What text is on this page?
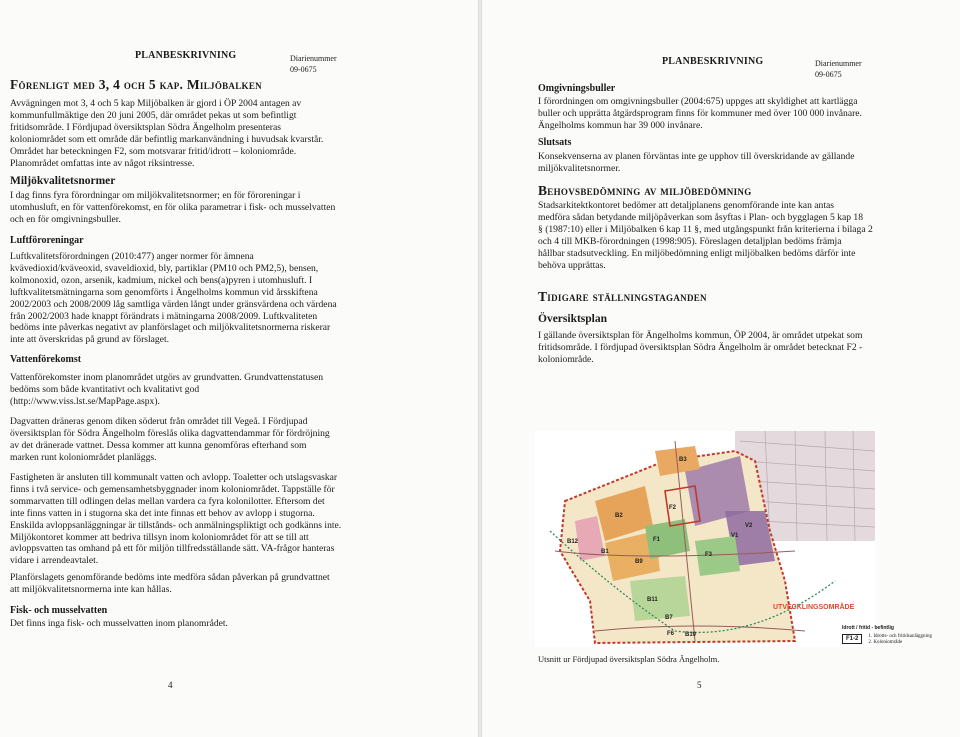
PLANBESKRIVNING	Diarienummer
09-0675
Förenligt med 3, 4 och 5 kap. Miljöbalken

Avvägningen mot 3, 4 och 5 kap Miljöbalken är gjord i ÖP 2004 antagen av

kommunfullmäktige den 20 juni 2005, där området pekas ut som befintligt

fritidsområde. I Fördjupad översiktsplan Södra Ängelholm presenteras

koloniområdet som ett område där befintlig markanvändning i huvudsak kvarstår.

Området har beteckningen F2, som motsvarar fritid/idrott – koloniområde.

Planområdet omfattas inte av något riksintresse.

Miljökvalitetsnormer

I dag finns fyra förordningar om miljökvalitetsnormer; en för föroreningar i

utomhusluft, en för vattenförekomst, en för olika parametrar i fisk- och musselvatten

och en för omgivningsbuller.

Luftföroreningar

Luftkvalitetsförordningen (2010:477) anger normer för ämnena

kvävedioxid/kväveoxid, svaveldioxid, bly, partiklar (PM10 och PM2,5), bensen,

kolmonoxid, ozon, arsenik, kadmium, nickel och bens(a)pyren i utomhusluft. I

luftkvalitetsmätningarna som genomförts i Ängelholms kommun vid årsskiftena

2002/2003 och 2008/2009 låg samtliga värden långt under gränsvärdena och värdena

från 2002/2003 hade knappt förändrats i mätningarna 2008/2009. Luftkvaliteten

bedöms inte påverkas negativt av planförslaget och miljökvalitetsnormerna riskerar

inte att överskridas på grund av förslaget.

Vattenförekomst

Vattenförekomster inom planområdet utgörs av grundvatten. Grundvattenstatusen

bedöms som både kvantitativt och kvalitativt god

(http://www.viss.lst.se/MapPage.aspx).

Dagvatten dräneras genom diken söderut från området till Vegeå. I Fördjupad

översiktsplan för Södra Ängelholm föreslås olika dagvattendammar för fördröjning

av det dränerade vattnet. Dessa kommer att kunna genomföras efterhand som

marken runt koloniområdet planläggs.

Fastigheten är ansluten till kommunalt vatten och avlopp. Toaletter och utslagsvaskar

finns i två service- och gemensamhetsbyggnader inom koloniområdet. Tappställe för

sommarvatten till odlingen delas mellan vardera ca fyra kolonilotter. Eftersom det

inte finns vatten in i stugorna ska det inte finnas ett behov av avlopp i stugorna.

Enskilda avloppsanläggningar är tillstånds- och anmälningspliktigt och godkänns inte.

Miljökontoret kommer att bedriva tillsyn inom koloniområdet för att se till att

avloppsvatten tas omhand på ett för miljön tillfredsställande sätt. VA-frågor hanteras

vidare i arrendeavtalet.

Planförslagets genomförande bedöms inte medföra sådan påverkan på grundvattnet

att miljökvalitetsnormerna inte kan hållas.

Fisk- och musselvatten
Det finns inga fisk- och musselvatten inom planområdet.
4
PLANBESKRIVNING	Diarienummer
09-0675
Omgivningsbuller

I förordningen om omgivningsbuller (2004:675) uppges att skyldighet att kartlägga

buller och upprätta åtgärdsprogram finns för kommuner med över 100 000 invånare.

Ängelholms kommun har 39 000 invånare.

Slutsats

Konsekvenserna av planen förväntas inte ge upphov till överskridande av gällande

miljökvalitetsnormer.

Behovsbedömning av miljöbedömning

Stadsarkitektkontoret bedömer att detaljplanens genomförande inte kan antas

medföra sådan betydande miljöpåverkan som åsyftas i Plan- och bygglagen 5 kap 18

§ (1987:10) eller i Miljöbalken 6 kap 11 §, med utgångspunkt från kriterierna i bilaga 2

och 4 till MKB-förordningen (1998:905). Föreslagen detaljplan bedöms främja

hållbar stadsutveckling. En miljöbedömning enligt miljöbalken bedöms därför inte

behöva upprättas.

Tidigare ställningstaganden
Översiktsplan

I gällande översiktsplan för Ängelholms kommun, ÖP 2004, är området utpekat som

fritidsområde. I fördjupad översiktsplan Södra Ängelholm är området betecknat F2 -

koloniområde.

5
UTVECKLINGSOMRÅDE
B3
B2
F2
V1
V2
B1
F1
B12
F3
B9
B11
B10
B7
F6
Idrott / fritid - befintlig
F1-2	1. Idrotts- och fritidsanläggning
2. Koloniområde
Utsnitt ur Fördjupad översiktsplan Södra Ängelholm.
